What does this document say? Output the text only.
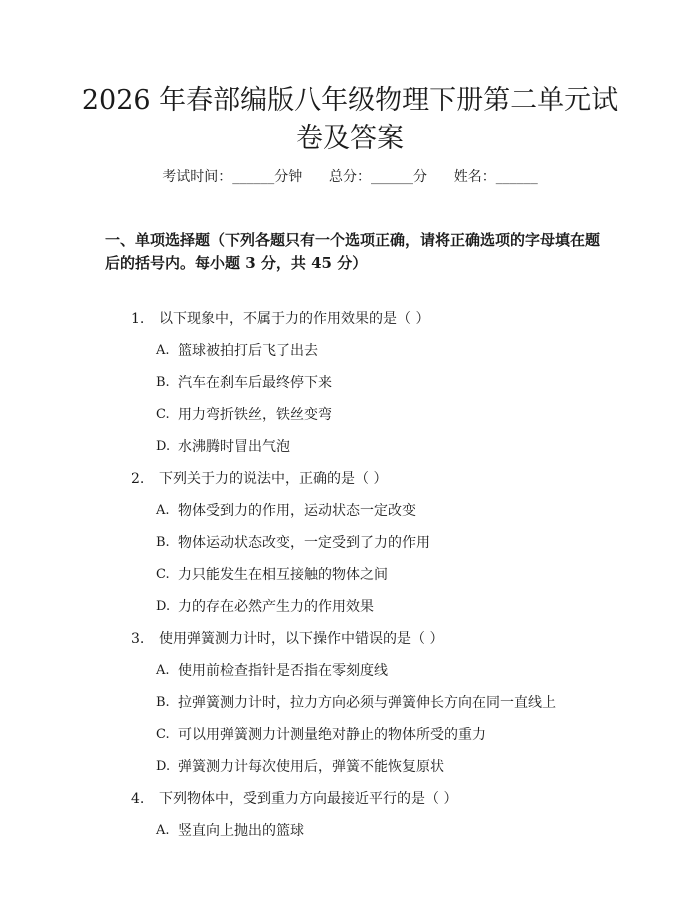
2026 年春部编版八年级物理下册第二单元试
卷及答案
考试时间：______分钟 总分：______分 姓名：______
一、单项选择题（下列各题只有一个选项正确，请将正确选项的字母填在题后的括号内。每小题 3 分，共 45 分）
1.	以下现象中，不属于力的作用效果的是（ ）
A. 篮球被拍打后飞了出去
B. 汽车在刹车后最终停下来
C. 用力弯折铁丝，铁丝变弯
D. 水沸腾时冒出气泡
2.	下列关于力的说法中，正确的是（ ）
A. 物体受到力的作用，运动状态一定改变
B. 物体运动状态改变，一定受到了力的作用
C. 力只能发生在相互接触的物体之间
D. 力的存在必然产生力的作用效果
3.	使用弹簧测力计时，以下操作中错误的是（ ）
A. 使用前检查指针是否指在零刻度线
B. 拉弹簧测力计时，拉力方向必须与弹簧伸长方向在同一直线上
C. 可以用弹簧测力计测量绝对静止的物体所受的重力
D. 弹簧测力计每次使用后，弹簧不能恢复原状
4.	下列物体中，受到重力方向最接近平行的是（ ）
A. 竖直向上抛出的篮球
